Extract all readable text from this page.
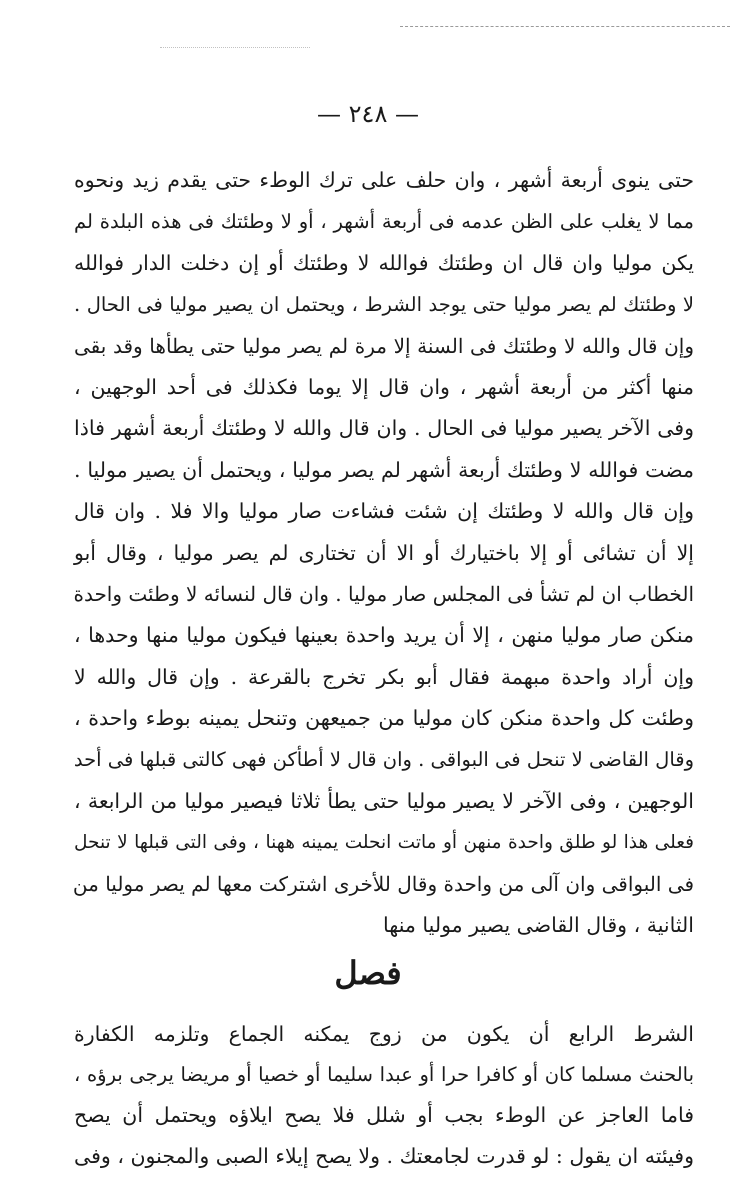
— ٢٤٨ —
حتى ينوى أربعة أشهر ، وان حلف على ترك الوطء حتى يقدم زيد ونحوه
مما لا يغلب على الظن عدمه فى أربعة أشهر ، أو لا وطئتك فى هذه البلدة لم
يكن موليا وان قال ان وطئتك فوالله لا وطئتك أو إن دخلت الدار فوالله
لا وطئتك لم يصر موليا حتى يوجد الشرط ، ويحتمل ان يصير موليا فى الحال .
وإن قال والله لا وطئتك فى السنة إلا مرة لم يصر موليا حتى يطأها وقد بقى
منها أكثر من أربعة أشهر ، وان قال إلا يوما فكذلك فى أحد الوجهين ،
وفى الآخر يصير موليا فى الحال . وان قال والله لا وطئتك أربعة أشهر فاذا
مضت فوالله لا وطئتك أربعة أشهر لم يصر موليا ، ويحتمل أن يصير موليا .
وإن قال والله لا وطئتك إن شئت فشاءت صار موليا والا فلا . وان قال
إلا أن تشائى أو إلا باختيارك أو الا أن تختارى لم يصر موليا ، وقال أبو
الخطاب ان لم تشأ فى المجلس صار موليا . وان قال لنسائه لا وطئت واحدة
منكن صار موليا منهن ، إلا أن يريد واحدة بعينها فيكون موليا منها وحدها ،
وإن أراد واحدة مبهمة فقال أبو بكر تخرج بالقرعة . وإن قال والله لا
وطئت كل واحدة منكن كان موليا من جميعهن وتنحل يمينه بوطء واحدة ،
وقال القاضى لا تنحل فى البواقى . وان قال لا أطأكن فهى كالتى قبلها فى أحد
الوجهين ، وفى الآخر لا يصير موليا حتى يطأ ثلاثا فيصير موليا من الرابعة ،
فعلى هذا لو طلق واحدة منهن أو ماتت انحلت يمينه ههنا ، وفى التى قبلها لا تنحل
فى البواقى وان آلى من واحدة وقال للأخرى اشتركت معها لم يصر موليا من
الثانية ، وقال القاضى يصير موليا منها
فصل
الشرط الرابع أن يكون من زوج يمكنه الجماع وتلزمه الكفارة
بالحنث مسلما كان أو كافرا حرا أو عبدا سليما أو خصيا أو مريضا يرجى برؤه ،
فاما العاجز عن الوطء بجب أو شلل فلا يصح ايلاؤه ويحتمل أن يصح
وفيئته ان يقول : لو قدرت لجامعتك . ولا يصح إيلاء الصبى والمجنون ، وفى
